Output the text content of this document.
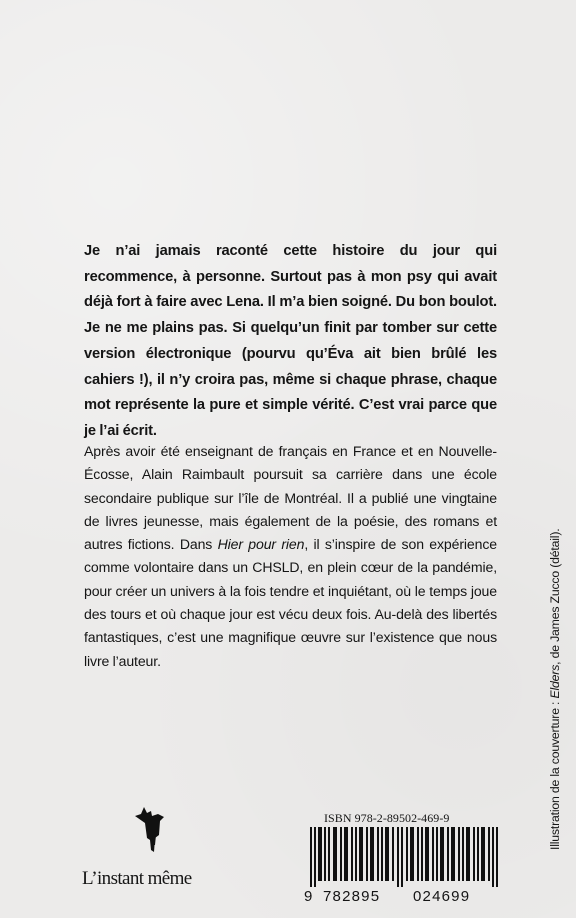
Je n’ai jamais raconté cette histoire du jour qui recommence, à personne. Surtout pas à mon psy qui avait déjà fort à faire avec Lena. Il m’a bien soigné. Du bon boulot. Je ne me plains pas. Si quelqu’un finit par tomber sur cette version électronique (pourvu qu’Éva ait bien brûlé les cahiers !), il n’y croira pas, même si chaque phrase, chaque mot représente la pure et simple vérité. C’est vrai parce que je l’ai écrit.

Après avoir été enseignant de français en France et en Nouvelle-Écosse, Alain Raimbault poursuit sa carrière dans une école secondaire publique sur l’île de Montréal. Il a publié une vingtaine de livres jeunesse, mais également de la poésie, des romans et autres fictions. Dans Hier pour rien, il s’inspire de son expérience comme volontaire dans un CHSLD, en plein cœur de la pandémie, pour créer un univers à la fois tendre et inquiétant, où le temps joue des tours et où chaque jour est vécu deux fois. Au-delà des libertés fantastiques, c’est une magnifique œuvre sur l’existence que nous livre l’auteur.

L’instant même
ISBN 978-2-89502-469-9
9 782895 024699
Illustration de la couverture : Elders, de James Zucco (détail).
